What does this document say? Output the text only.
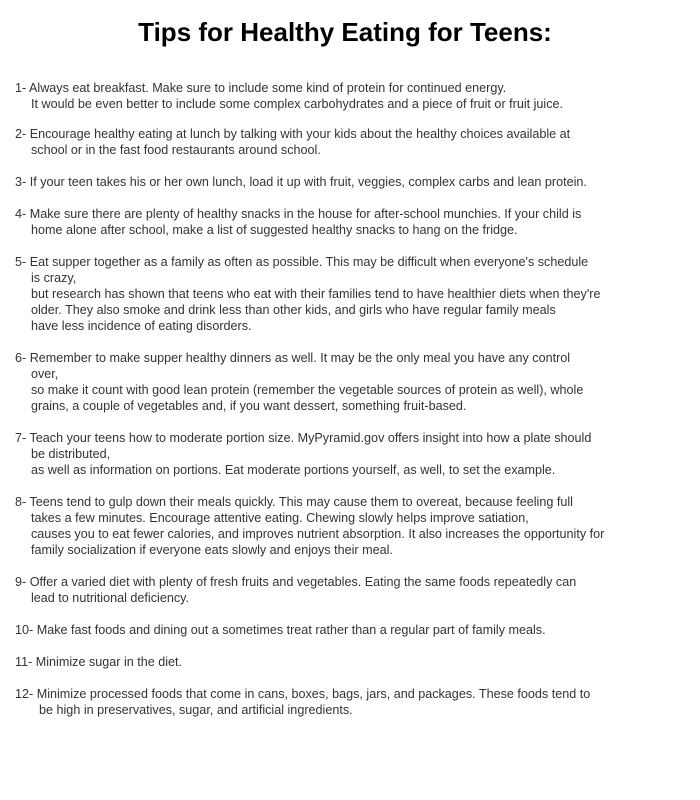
Tips for Healthy Eating for Teens:
1- Always eat breakfast. Make sure to include some kind of protein for continued energy.
It would be even better to include some complex carbohydrates and a piece of fruit or fruit juice.
2- Encourage healthy eating at lunch by talking with your kids about the healthy choices available at
school or in the fast food restaurants around school.
3- If your teen takes his or her own lunch, load it up with fruit, veggies, complex carbs and lean protein.
4- Make sure there are plenty of healthy snacks in the house for after-school munchies. If your child is
home alone after school, make a list of suggested healthy snacks to hang on the fridge.
5- Eat supper together as a family as often as possible. This may be difficult when everyone's schedule
is crazy,
but research has shown that teens who eat with their families tend to have healthier diets when they're
older. They also smoke and drink less than other kids, and girls who have regular family meals
have less incidence of eating disorders.
6- Remember to make supper healthy dinners as well. It may be the only meal you have any control
over,
so make it count with good lean protein (remember the vegetable sources of protein as well), whole
grains, a couple of vegetables and, if you want dessert, something fruit-based.
7- Teach your teens how to moderate portion size. MyPyramid.gov offers insight into how a plate should
be distributed,
as well as information on portions. Eat moderate portions yourself, as well, to set the example.
8- Teens tend to gulp down their meals quickly. This may cause them to overeat, because feeling full
takes a few minutes. Encourage attentive eating. Chewing slowly helps improve satiation,
causes you to eat fewer calories, and improves nutrient absorption. It also increases the opportunity for
family socialization if everyone eats slowly and enjoys their meal.
9- Offer a varied diet with plenty of fresh fruits and vegetables. Eating the same foods repeatedly can
lead to nutritional deficiency.
10- Make fast foods and dining out a sometimes treat rather than a regular part of family meals.
11- Minimize sugar in the diet.
12- Minimize processed foods that come in cans, boxes, bags, jars, and packages. These foods tend to
be high in preservatives, sugar, and artificial ingredients.
